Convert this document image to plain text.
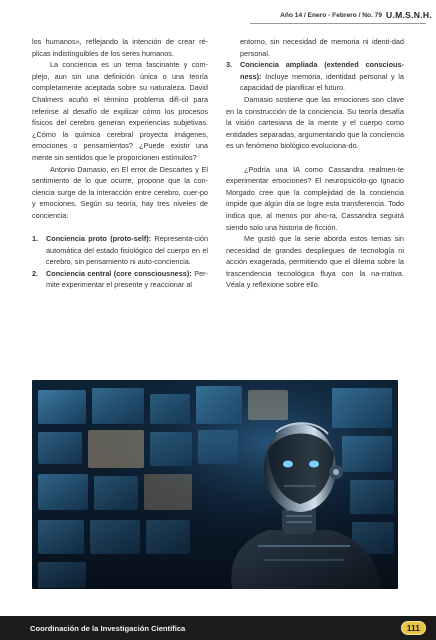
Año 14 / Enero - Febrero / No. 79 U.M.S.N.H.

los humanos», reflejando la intención de crear ré-plicas indistinguibles de los seres humanos.

La conciencia es un tema fascinante y com-plejo, aun sin una definición única o una teoría completamente aceptada sobre su naturaleza. David Chalmers acuñó el término problema difí-cil para referirse al desafío de explicar cómo los procesos físicos del cerebro generan experiencias subjetivas. ¿Cómo la química cerebral proyecta imágenes, emociones o pensamientos? ¿Puede existir una mente sin sentidos que le proporcionen estímulos?

Antonio Damasio, en El error de Descartes y El sentimiento de lo que ocurre, propone que la con-ciencia surge de la interacción entre cerebro, cuer-po y emociones. Según su teoría, hay tres niveles de conciencia:

1. Conciencia proto (proto-self): Representa-ción automática del estado fisiológico del cuerpo en el cerebro, sin pensamiento ni auto-conciencia.
2. Conciencia central (core consciousness): Per-mite experimentar el presente y reaccionar al

entorno, sin necesidad de memoria ni identi-dad personal.

3. Conciencia ampliada (extended conscious-ness): Incluye memoria, identidad personal y la capacidad de planificar el futuro.

Damasio sostiene que las emociones son clave en la construcción de la conciencia. Su teoría desafía la visión cartesiana de la mente y el cuerpo como entidades separadas, argumentando que la conciencia es un fenómeno biológico evoluciona-do.

¿Podría una IA como Cassandra realmen-te experimentar emociones? El neuropsicólo-go Ignacio Morgado cree que la complejidad de la conciencia impide que algún día se logre esta transferencia. Todo indica que, al menos por aho-ra, Cassandra seguirá siendo solo una historia de ficción.

Me gustó que la serie aborda estos temas sin necesidad de grandes despliegues de tecnología ni acción exagerada, permitiendo que el dilema sobre la trascendencia tecnológica fluya con la na-rrativa. Véala y reflexione sobre ello.

Coordinación de la Investigación Científica	111
